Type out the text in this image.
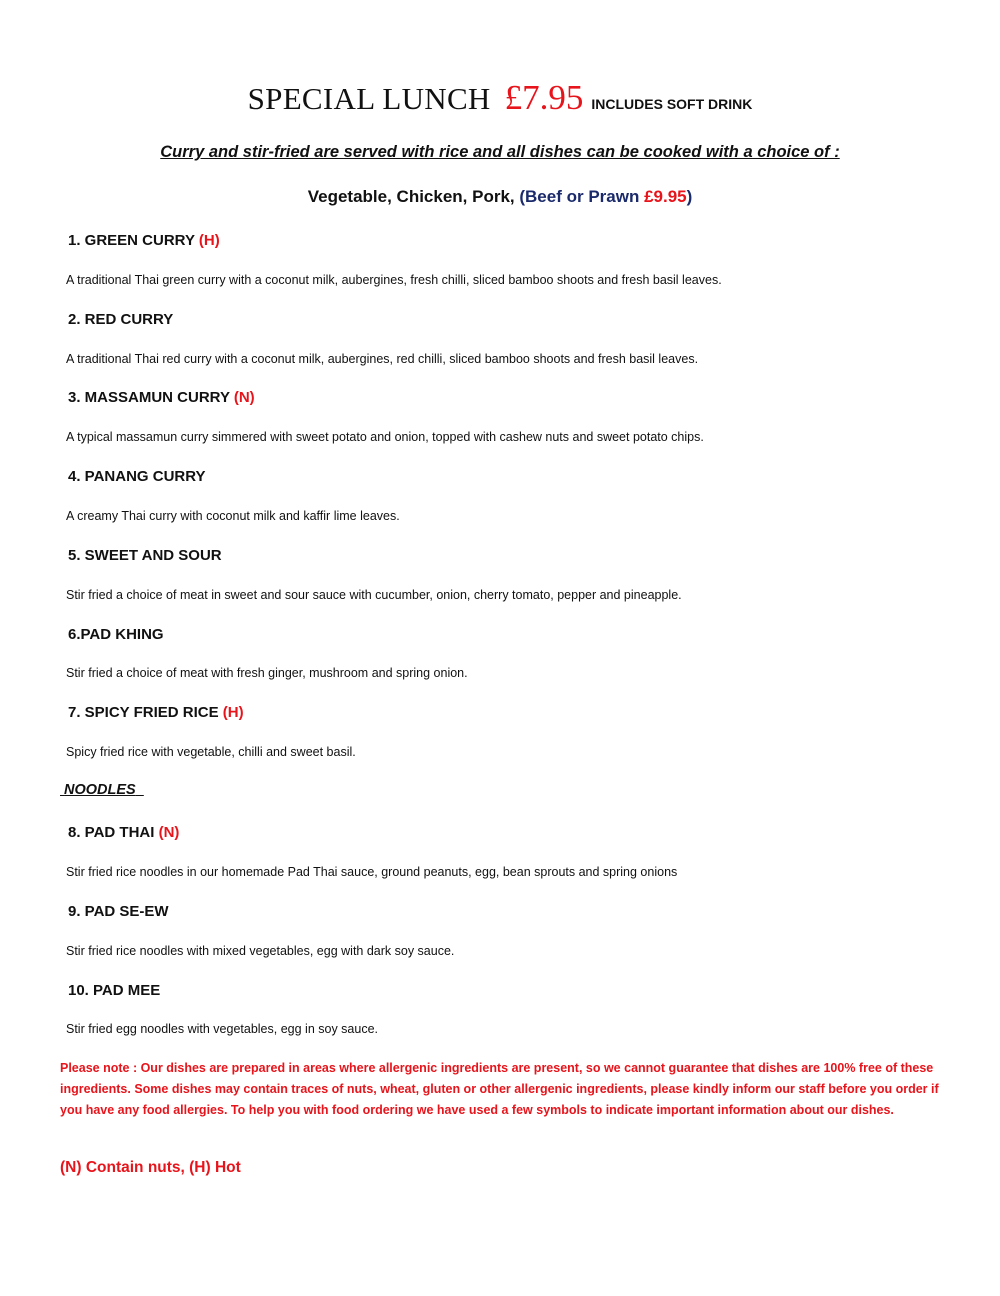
SPECIAL LUNCH £7.95 INCLUDES SOFT DRINK
Curry and stir-fried are served with rice and all dishes can be cooked with a choice of :
Vegetable, Chicken, Pork, (Beef or Prawn £9.95)
1. GREEN CURRY (H)
A traditional Thai green curry with a coconut milk, aubergines, fresh chilli, sliced bamboo shoots and fresh basil leaves.
2. RED CURRY
A traditional Thai red curry with a coconut milk, aubergines, red chilli, sliced bamboo shoots and fresh basil leaves.
3. MASSAMUN CURRY (N)
A typical massamun curry simmered with sweet potato and onion, topped with cashew nuts and sweet potato chips.
4. PANANG CURRY
A creamy Thai curry with coconut milk and kaffir lime leaves.
5. SWEET AND SOUR
Stir fried a choice of meat in sweet and sour sauce with cucumber, onion, cherry tomato, pepper and pineapple.
6.PAD KHING
Stir fried a choice of meat with fresh ginger, mushroom and spring onion.
7. SPICY FRIED RICE (H)
Spicy fried rice with vegetable, chilli and sweet basil.
NOODLES
8. PAD THAI (N)
Stir fried rice noodles in our homemade Pad Thai sauce, ground peanuts, egg, bean sprouts and spring onions
9. PAD SE-EW
Stir fried rice noodles with mixed vegetables, egg with dark soy sauce.
10. PAD MEE
Stir fried egg noodles with vegetables, egg in soy sauce.
Please note : Our dishes are prepared in areas where allergenic ingredients are present, so we cannot guarantee that dishes are 100% free of these ingredients. Some dishes may contain traces of nuts, wheat, gluten or other allergenic ingredients, please kindly inform our staff before you order if you have any food allergies. To help you with food ordering we have used a few symbols to indicate important information about our dishes.
(N) Contain nuts, (H) Hot
